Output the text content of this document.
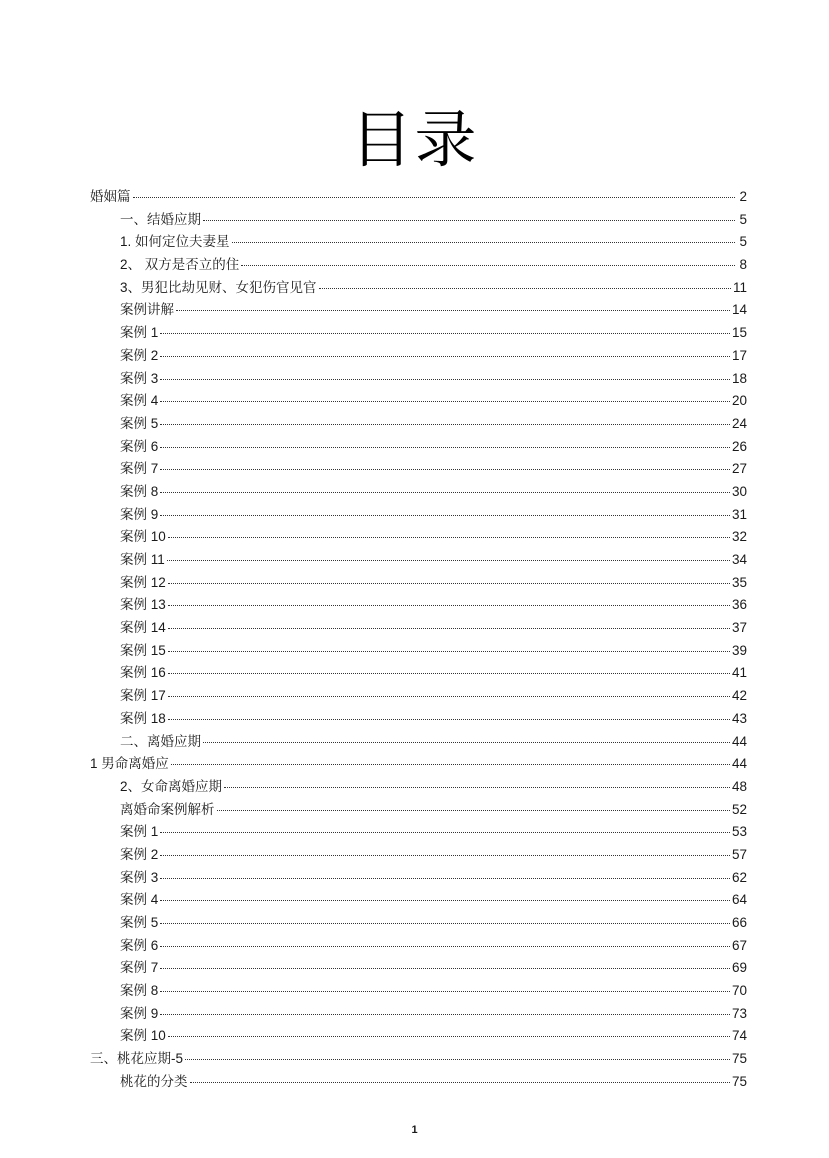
目录
婚姻篇	2
一、结婚应期	5
1. 如何定位夫妻星	5
2、 双方是否立的住	8
3、男犯比劫见财、女犯伤官见官	11
案例讲解	14
案例 1	15
案例 2	17
案例 3	18
案例 4	20
案例 5	24
案例 6	26
案例 7	27
案例 8	30
案例 9	31
案例 10	32
案例 11	34
案例 12	35
案例 13	36
案例 14	37
案例 15	39
案例 16	41
案例 17	42
案例 18	43
二、离婚应期	44
1 男命离婚应	44
2、女命离婚应期	48
离婚命案例解析	52
案例 1	53
案例 2	57
案例 3	62
案例 4	64
案例 5	66
案例 6	67
案例 7	69
案例 8	70
案例 9	73
案例 10	74
三、桃花应期-5	75
桃花的分类	75
1
